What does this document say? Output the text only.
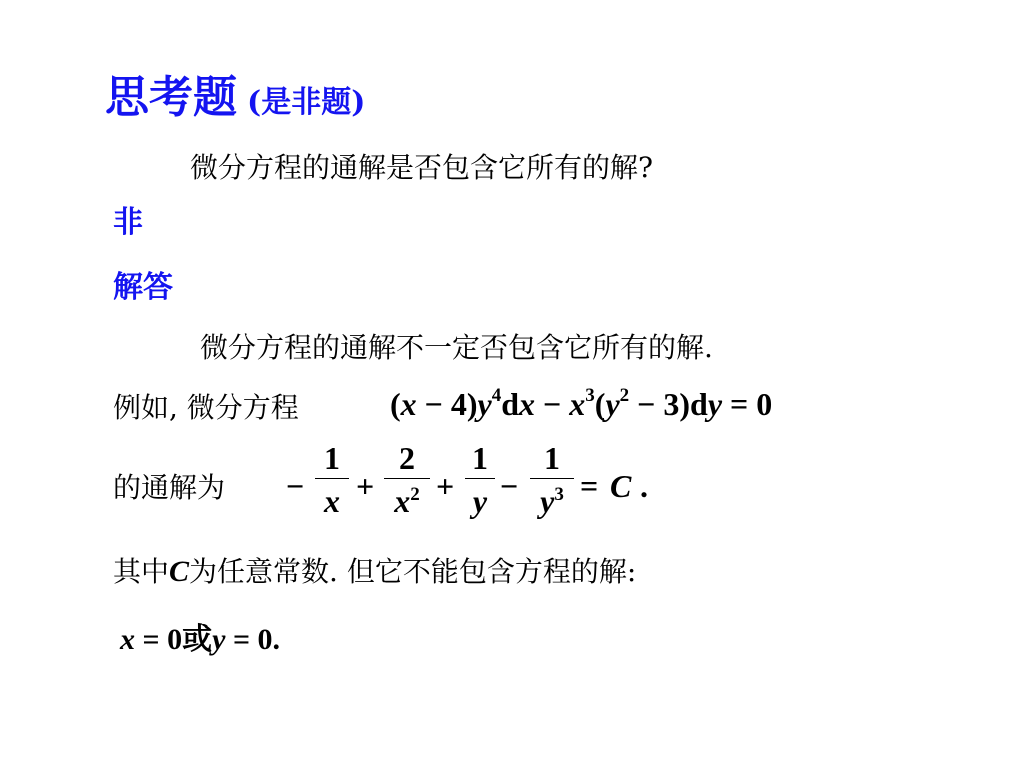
思考题 (是非题)
微分方程的通解是否包含它所有的解?
非
解答
微分方程的通解不一定否包含它所有的解.
例如, 微分方程	$(x - 4)y^4dx - x^3(y^2 - 3)dy = 0$
的通解为 −
1
x +
2
$x^2$ +
1
y −
1
$y^3 = C$ .
其中C为任意常数. 但它不能包含方程的解:
x = 0或y = 0.
